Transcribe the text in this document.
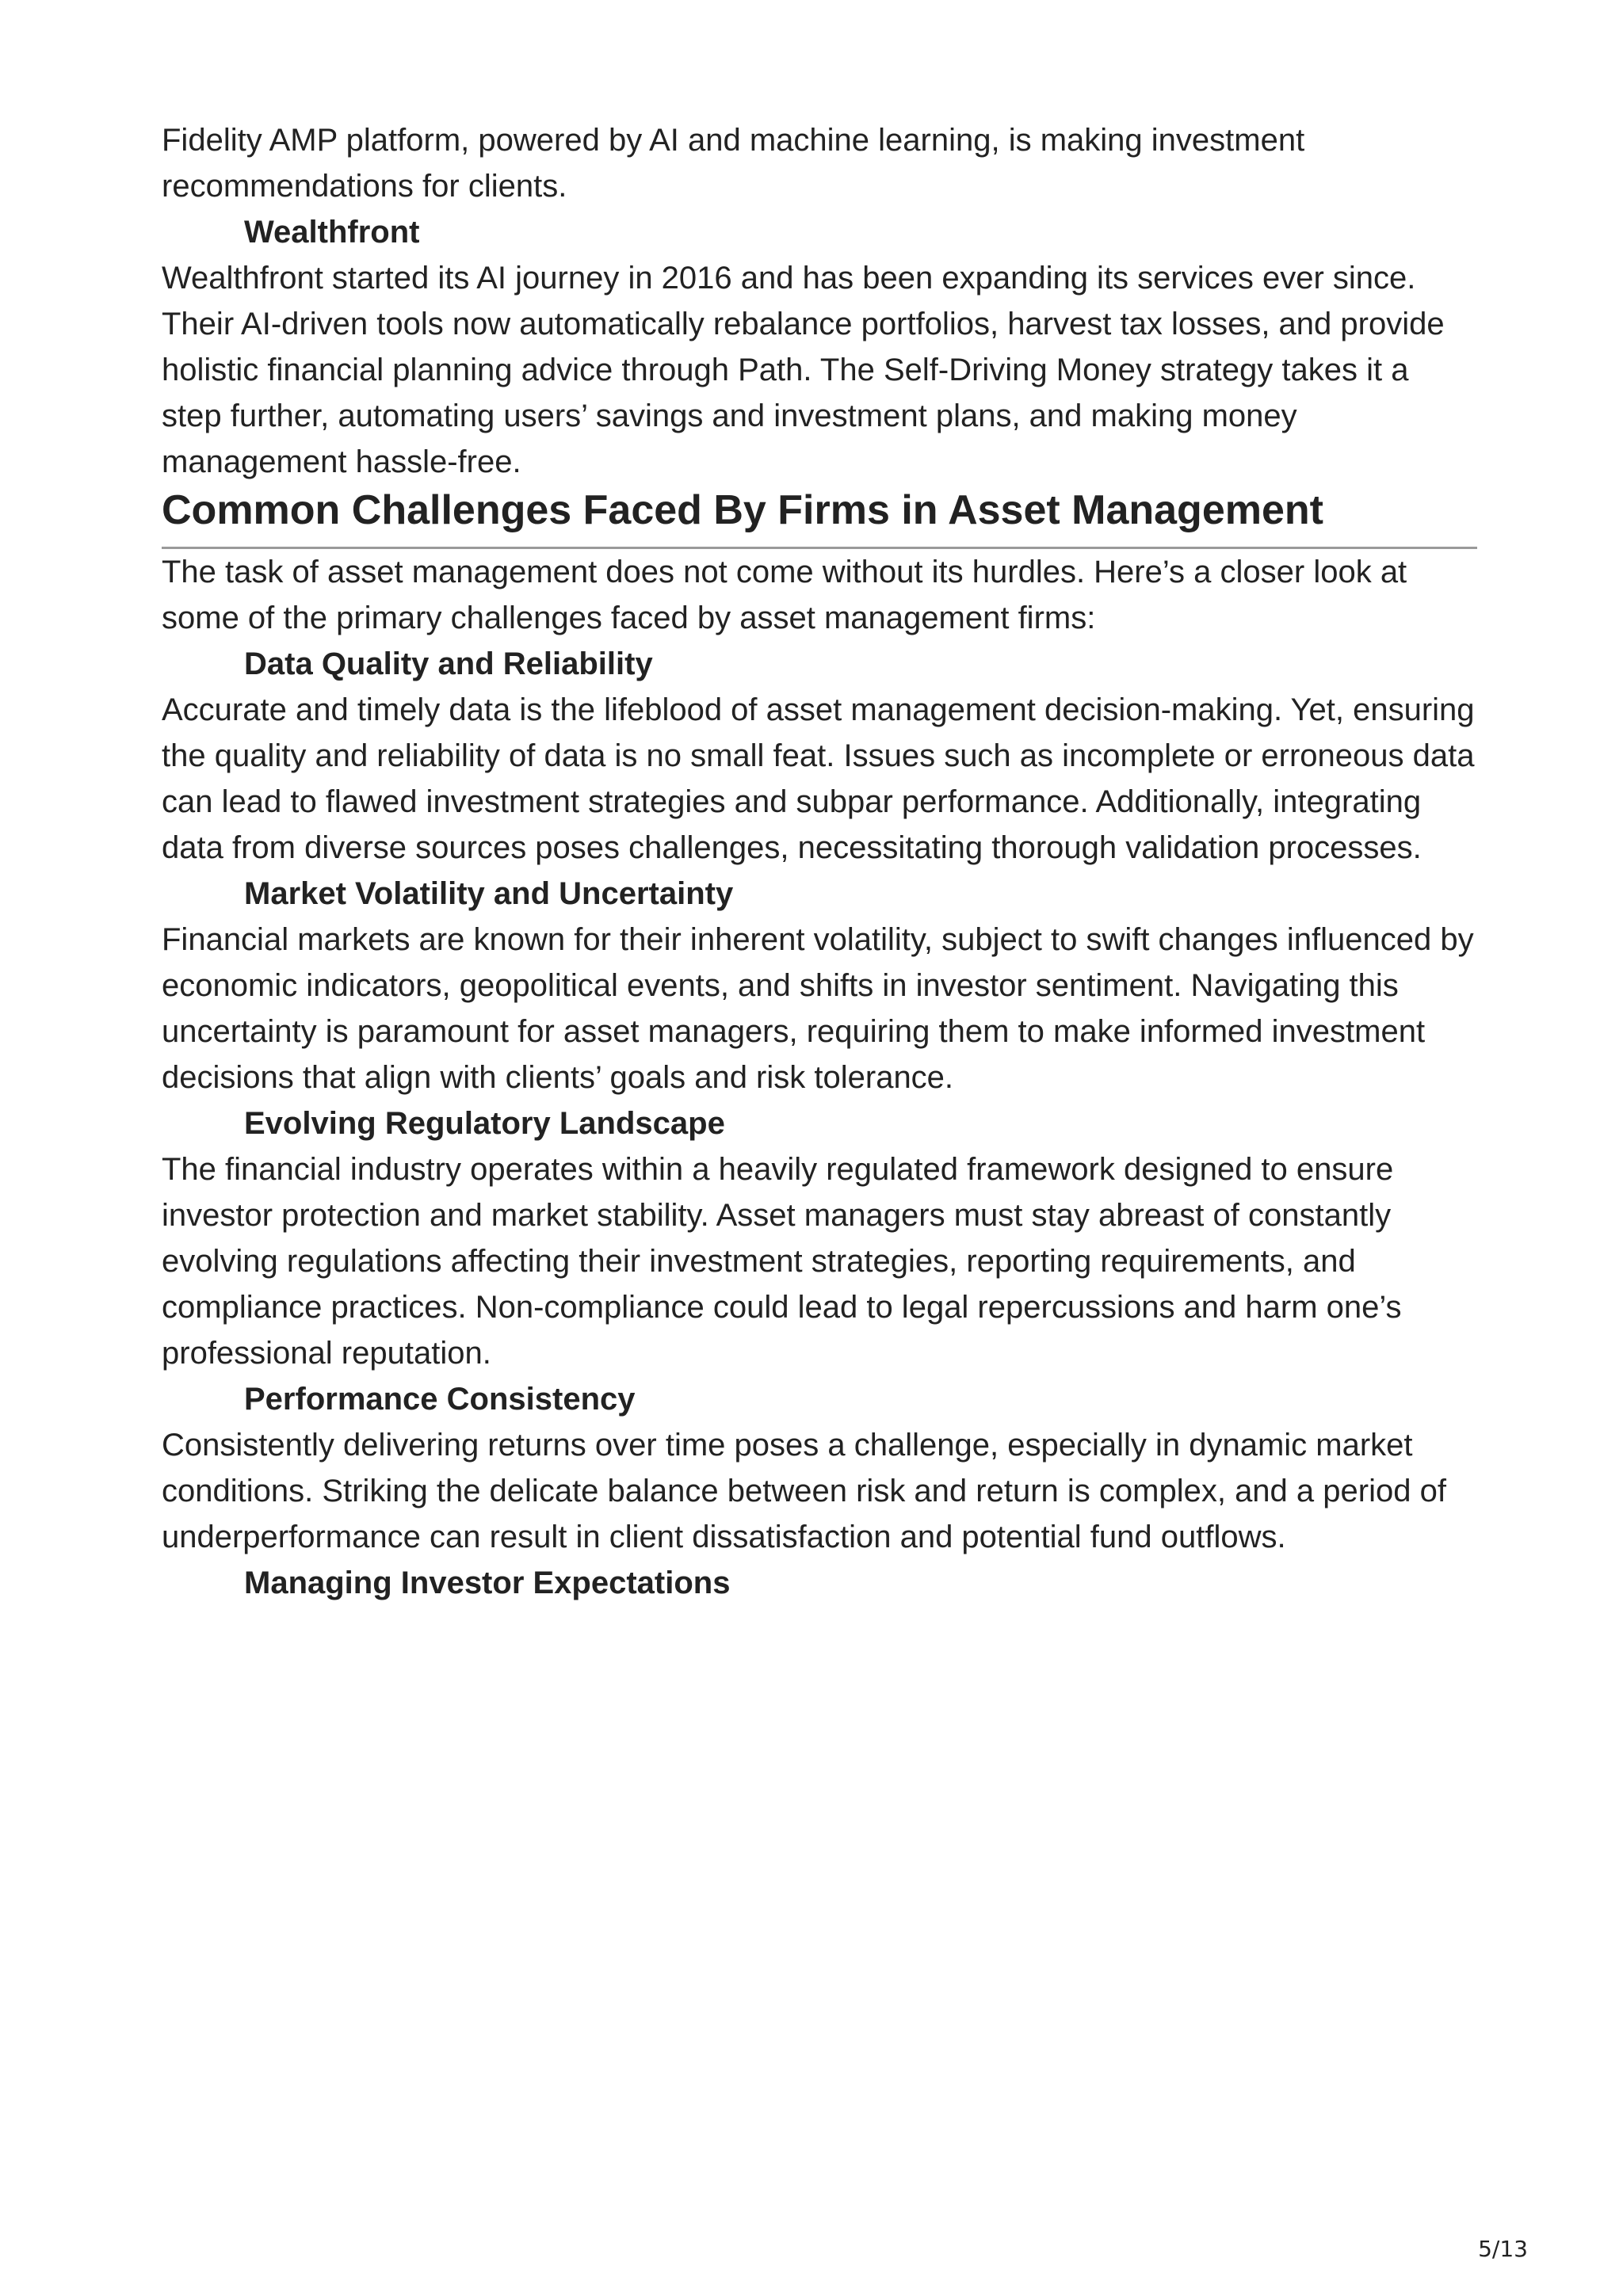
Fidelity AMP platform, powered by AI and machine learning, is making investment recommendations for clients.

Wealthfront

Wealthfront started its AI journey in 2016 and has been expanding its services ever since. Their AI-driven tools now automatically rebalance portfolios, harvest tax losses, and provide holistic financial planning advice through Path. The Self-Driving Money strategy takes it a step further, automating users’ savings and investment plans, and making money management hassle-free.

Common Challenges Faced By Firms in Asset Management

The task of asset management does not come without its hurdles. Here’s a closer look at some of the primary challenges faced by asset management firms:

Data Quality and Reliability

Accurate and timely data is the lifeblood of asset management decision-making. Yet, ensuring the quality and reliability of data is no small feat. Issues such as incomplete or erroneous data can lead to flawed investment strategies and subpar performance. Additionally, integrating data from diverse sources poses challenges, necessitating thorough validation processes.

Market Volatility and Uncertainty

Financial markets are known for their inherent volatility, subject to swift changes influenced by economic indicators, geopolitical events, and shifts in investor sentiment. Navigating this uncertainty is paramount for asset managers, requiring them to make informed investment decisions that align with clients’ goals and risk tolerance.

Evolving Regulatory Landscape

The financial industry operates within a heavily regulated framework designed to ensure investor protection and market stability. Asset managers must stay abreast of constantly evolving regulations affecting their investment strategies, reporting requirements, and compliance practices. Non-compliance could lead to legal repercussions and harm one’s professional reputation.

Performance Consistency

Consistently delivering returns over time poses a challenge, especially in dynamic market conditions. Striking the delicate balance between risk and return is complex, and a period of underperformance can result in client dissatisfaction and potential fund outflows.

Managing Investor Expectations
5/13
